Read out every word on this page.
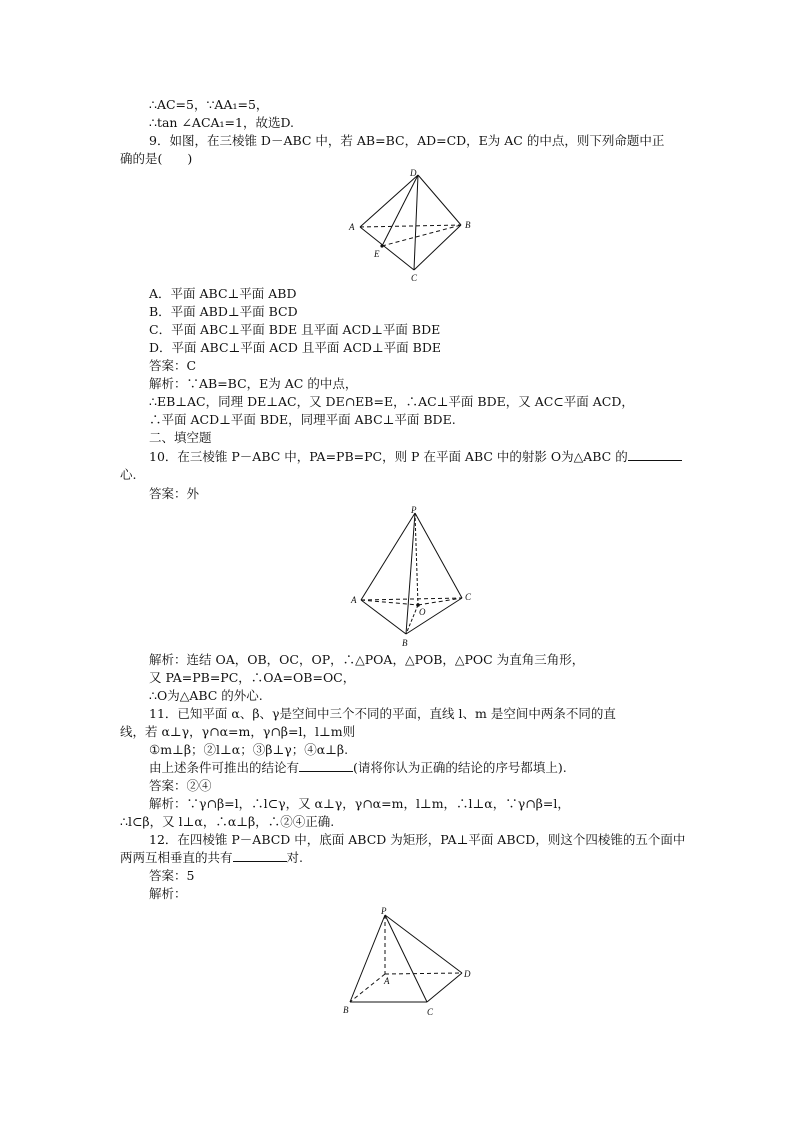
∴AC=5，∵AA₁=5，
∴tan ∠ACA₁=1，故选D.
9．如图，在三棱锥 D－ABC 中，若 AB=BC，AD=CD，E为 AC 的中点，则下列命题中正
确的是(　　)
D
A	B
E
C
A．平面 ABC⊥平面 ABD
B．平面 ABD⊥平面 BCD
C．平面 ABC⊥平面 BDE 且平面 ACD⊥平面 BDE
D．平面 ABC⊥平面 ACD 且平面 ACD⊥平面 BDE
答案：C
解析：∵AB=BC，E为 AC 的中点，
∴EB⊥AC，同理 DE⊥AC，又 DE∩EB=E，∴AC⊥平面 BDE，又 AC⊂平面 ACD，
∴平面 ACD⊥平面 BDE，同理平面 ABC⊥平面 BDE.
二、填空题
10．在三棱锥 P－ABC 中，PA=PB=PC，则 P 在平面 ABC 中的射影 O为△ABC 的
心.
答案：外
P
A	C
O
B
解析：连结 OA，OB，OC，OP，∴△POA，△POB，△POC 为直角三角形，
又 PA=PB=PC，∴OA=OB=OC，
∴O为△ABC 的外心.
11．已知平面 α、β、γ是空间中三个不同的平面，直线 l、m 是空间中两条不同的直
线，若 α⊥γ，γ∩α=m，γ∩β=l，l⊥m则
①m⊥β；②l⊥α；③β⊥γ；④α⊥β.
由上述条件可推出的结论有	(请将你认为正确的结论的序号都填上).
答案：②④
解析：∵γ∩β=l，∴l⊂γ，又 α⊥γ，γ∩α=m，l⊥m，∴l⊥α，∵γ∩β=l，
∴l⊂β，又 l⊥α，∴α⊥β，∴②④正确.
12．在四棱锥 P－ABCD 中，底面 ABCD 为矩形，PA⊥平面 ABCD，则这个四棱锥的五个面中
两两互相垂直的共有	对.
答案：5
解析：
P
A
D
B	C
